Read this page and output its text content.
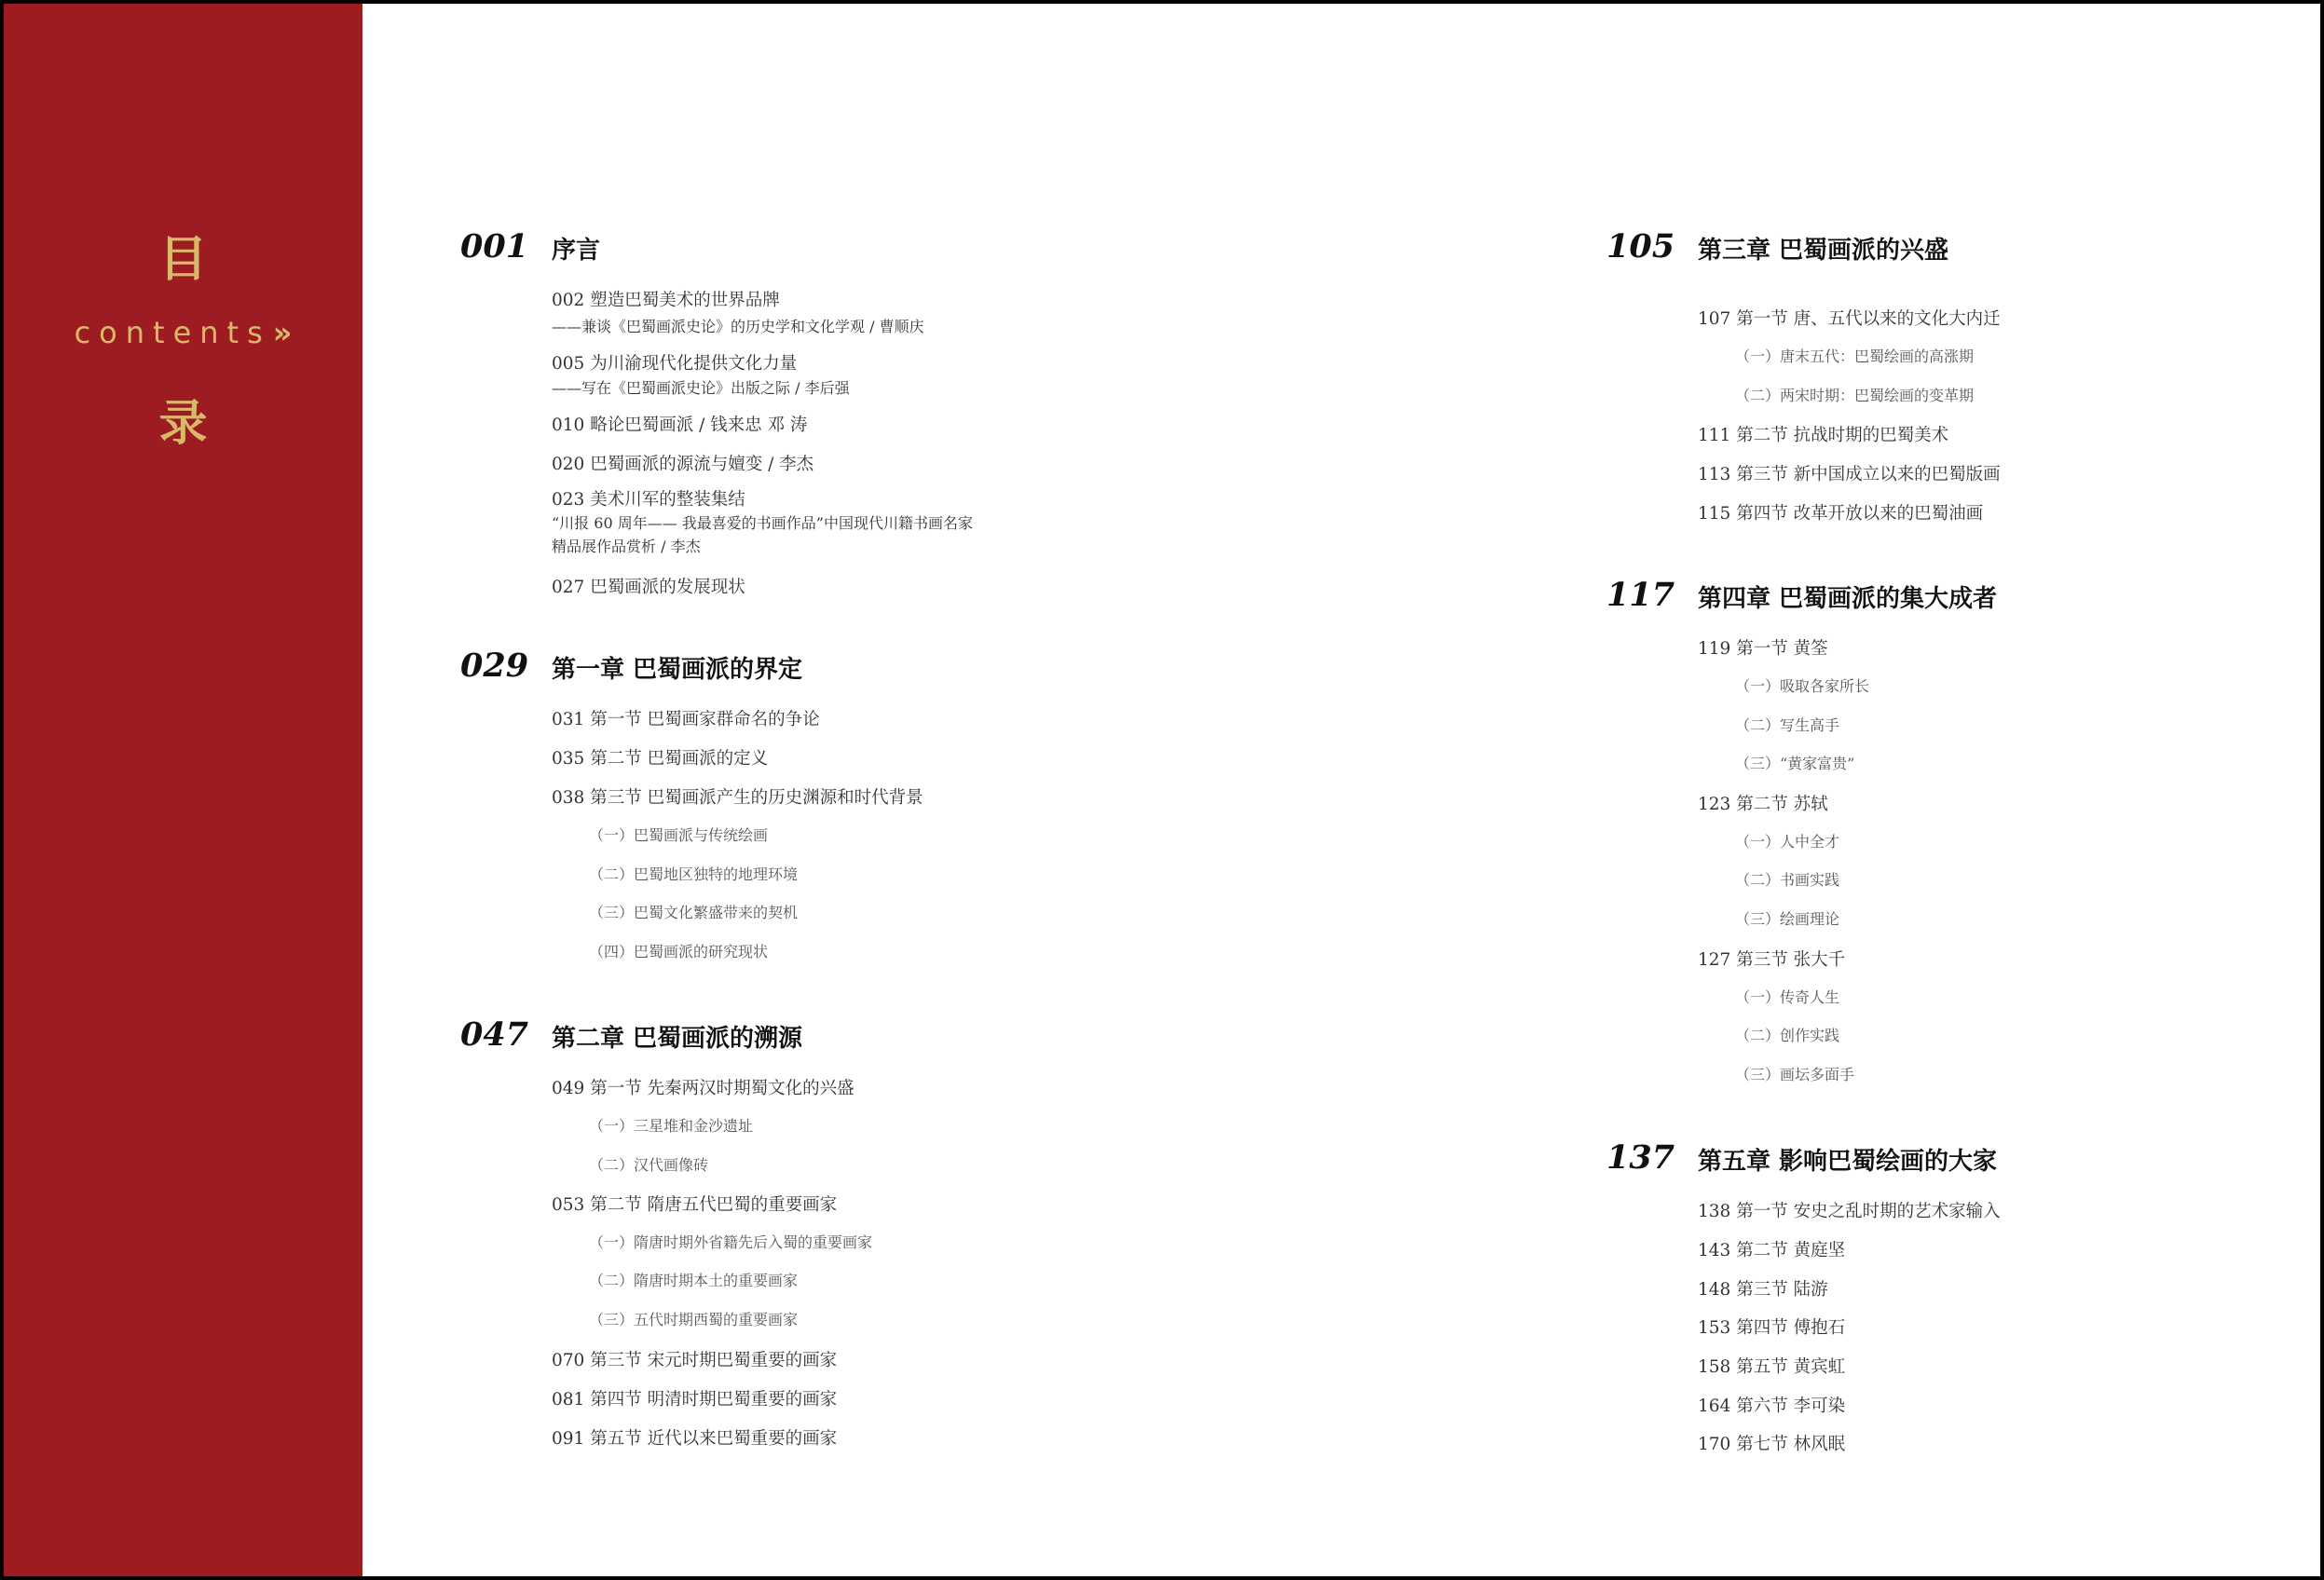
目
contents»
录
001 序言
002 塑造巴蜀美术的世界品牌
——兼谈《巴蜀画派史论》的历史学和文化学观 / 曹顺庆
005 为川渝现代化提供文化力量
——写在《巴蜀画派史论》出版之际 / 李后强
010 略论巴蜀画派 / 钱来忠 邓 涛
020 巴蜀画派的源流与嬗变 / 李杰
023 美术川军的整装集结
“川报 60 周年—— 我最喜爱的书画作品”中国现代川籍书画名家
精品展作品赏析 / 李杰
027 巴蜀画派的发展现状
029 第一章 巴蜀画派的界定
031 第一节 巴蜀画家群命名的争论
035 第二节 巴蜀画派的定义
038 第三节 巴蜀画派产生的历史渊源和时代背景
（一）巴蜀画派与传统绘画
（二）巴蜀地区独特的地理环境
（三）巴蜀文化繁盛带来的契机
（四）巴蜀画派的研究现状
047 第二章 巴蜀画派的溯源
049 第一节 先秦两汉时期蜀文化的兴盛
（一）三星堆和金沙遗址
（二）汉代画像砖
053 第二节 隋唐五代巴蜀的重要画家
（一）隋唐时期外省籍先后入蜀的重要画家
（二）隋唐时期本土的重要画家
（三）五代时期西蜀的重要画家
070 第三节 宋元时期巴蜀重要的画家
081 第四节 明清时期巴蜀重要的画家
091 第五节 近代以来巴蜀重要的画家
105 第三章 巴蜀画派的兴盛
107 第一节 唐、五代以来的文化大内迁
（一）唐末五代：巴蜀绘画的高涨期
（二）两宋时期：巴蜀绘画的变革期
111 第二节 抗战时期的巴蜀美术
113 第三节 新中国成立以来的巴蜀版画
115 第四节 改革开放以来的巴蜀油画
117 第四章 巴蜀画派的集大成者
119 第一节 黄筌
（一）吸取各家所长
（二）写生高手
（三）“黄家富贵”
123 第二节 苏轼
（一）人中全才
（二）书画实践
（三）绘画理论
127 第三节 张大千
（一）传奇人生
（二）创作实践
（三）画坛多面手
137 第五章 影响巴蜀绘画的大家
138 第一节 安史之乱时期的艺术家输入
143 第二节 黄庭坚
148 第三节 陆游
153 第四节 傅抱石
158 第五节 黄宾虹
164 第六节 李可染
170 第七节 林风眠
